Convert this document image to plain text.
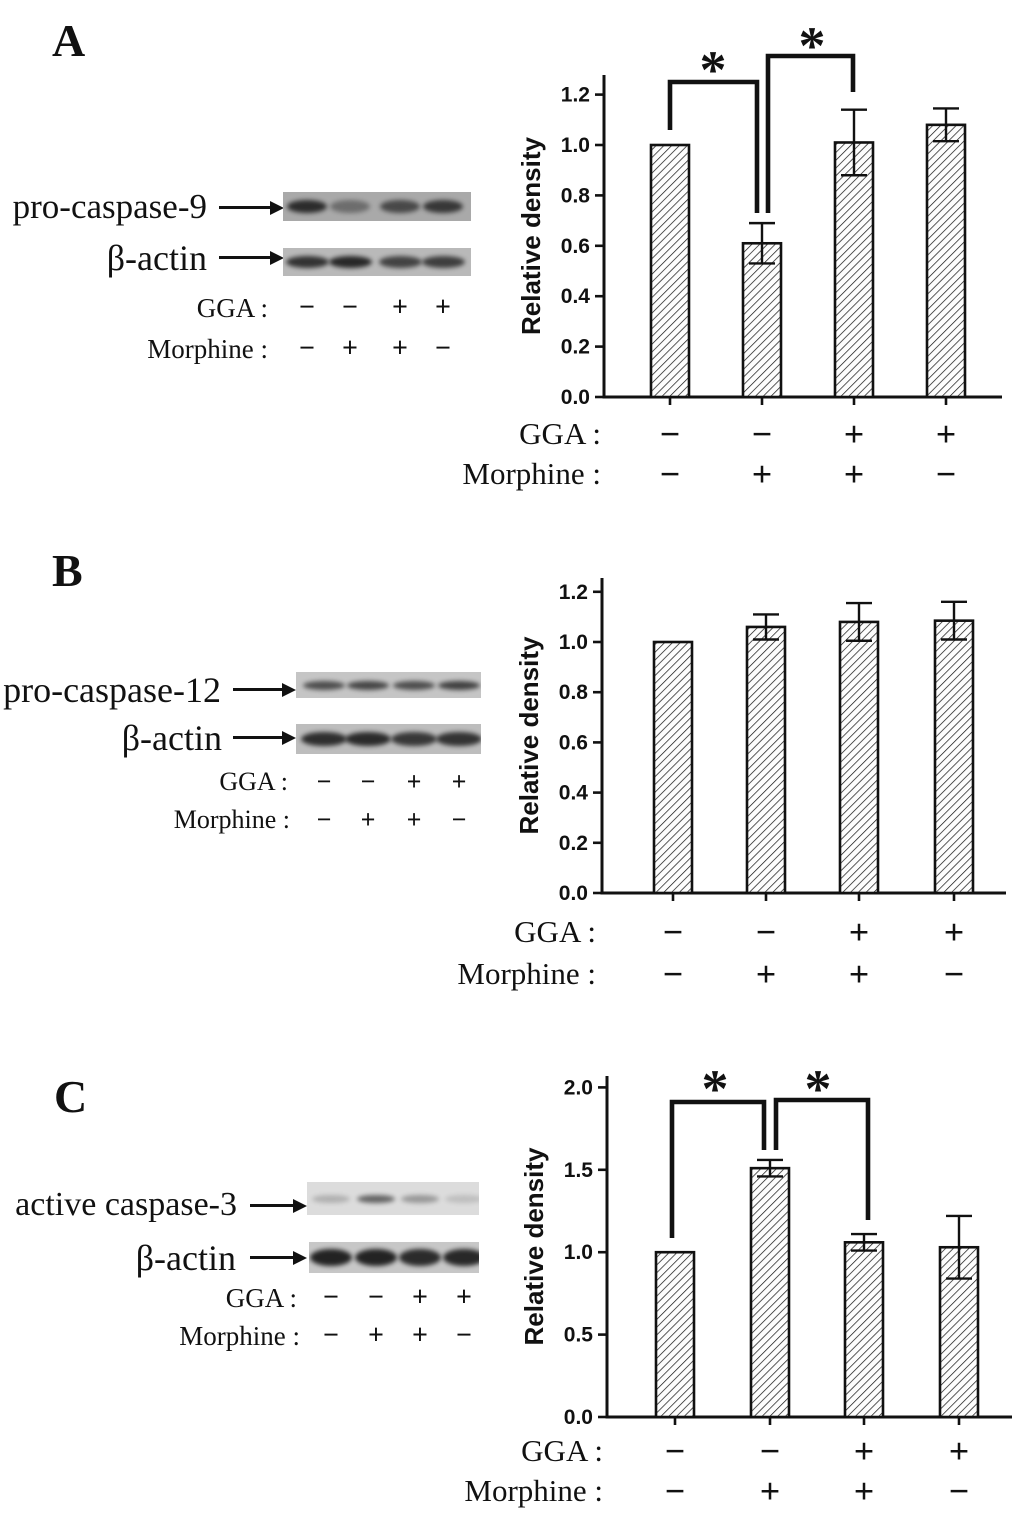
A
pro-caspase-9
β-actin
GGA :
Morphine :
0.0
0.2
0.4
0.6
0.8
1.0
1.2
Relative density
* *
GGA : − − + +
Morphine : − + + −
B
pro-caspase-12
β-actin
GGA :
Morphine :
0.0
0.2
0.4
0.6
0.8
1.0
1.2
Relative density
GGA : − − + +
Morphine : − + + −
C
active caspase-3
β-actin
GGA :
Morphine :
0.0
0.5
1.0
1.5
2.0
Relative density
* *
GGA : − − + +
Morphine : − + + −
− − + +
− + + −
−	−	+	+
−	+	+	−
− − + +
− + + −
